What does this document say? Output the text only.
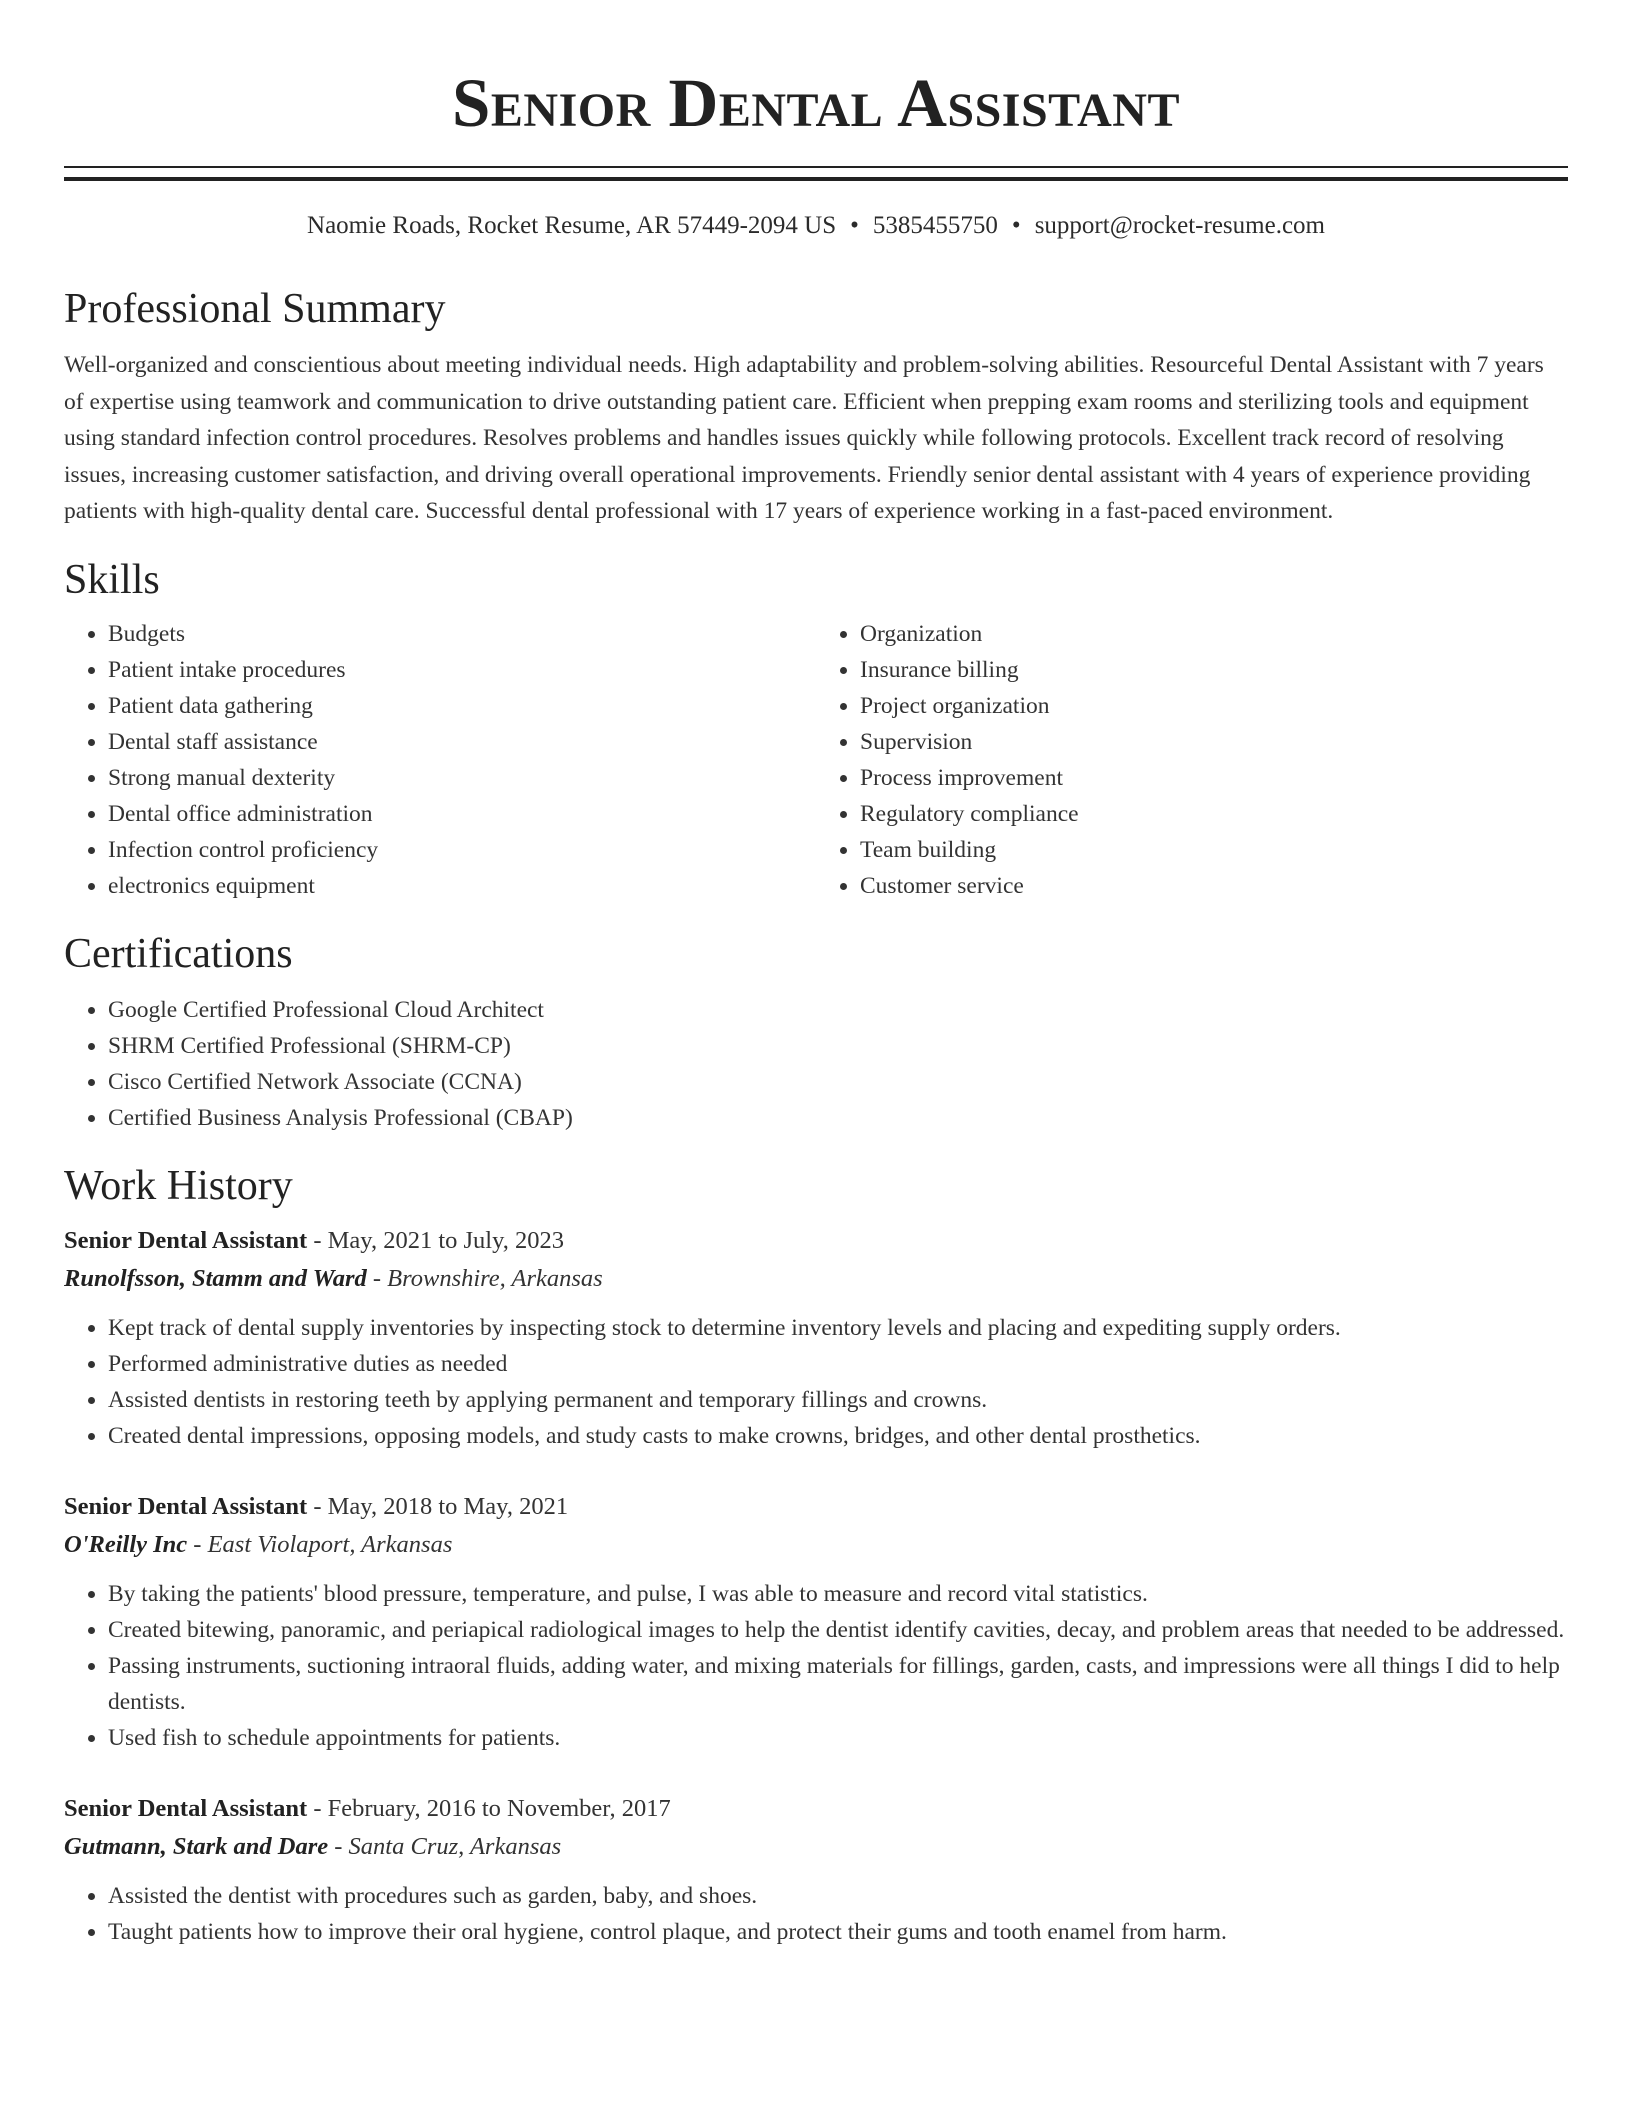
Senior Dental Assistant
Naomie Roads, Rocket Resume, AR 57449-2094 US • 5385455750 • support@rocket-resume.com
Professional Summary
Well-organized and conscientious about meeting individual needs. High adaptability and problem-solving abilities. Resourceful Dental Assistant with 7 years of expertise using teamwork and communication to drive outstanding patient care. Efficient when prepping exam rooms and sterilizing tools and equipment using standard infection control procedures. Resolves problems and handles issues quickly while following protocols. Excellent track record of resolving issues, increasing customer satisfaction, and driving overall operational improvements. Friendly senior dental assistant with 4 years of experience providing patients with high-quality dental care. Successful dental professional with 17 years of experience working in a fast-paced environment.
Skills
• Budgets
• Patient intake procedures
• Patient data gathering
• Dental staff assistance
• Strong manual dexterity
• Dental office administration
• Infection control proficiency
• electronics equipment
• Organization
• Insurance billing
• Project organization
• Supervision
• Process improvement
• Regulatory compliance
• Team building
• Customer service
Certifications
• Google Certified Professional Cloud Architect
• SHRM Certified Professional (SHRM-CP)
• Cisco Certified Network Associate (CCNA)
• Certified Business Analysis Professional (CBAP)
Work History
Senior Dental Assistant - May, 2021 to July, 2023
Runolfsson, Stamm and Ward - Brownshire, Arkansas
• Kept track of dental supply inventories by inspecting stock to determine inventory levels and placing and expediting supply orders.
• Performed administrative duties as needed
• Assisted dentists in restoring teeth by applying permanent and temporary fillings and crowns.
• Created dental impressions, opposing models, and study casts to make crowns, bridges, and other dental prosthetics.
Senior Dental Assistant - May, 2018 to May, 2021
O'Reilly Inc - East Violaport, Arkansas
• By taking the patients' blood pressure, temperature, and pulse, I was able to measure and record vital statistics.
• Created bitewing, panoramic, and periapical radiological images to help the dentist identify cavities, decay, and problem areas that needed to be addressed.
• Passing instruments, suctioning intraoral fluids, adding water, and mixing materials for fillings, garden, casts, and impressions were all things I did to help dentists.
• Used fish to schedule appointments for patients.
Senior Dental Assistant - February, 2016 to November, 2017
Gutmann, Stark and Dare - Santa Cruz, Arkansas
• Assisted the dentist with procedures such as garden, baby, and shoes.
• Taught patients how to improve their oral hygiene, control plaque, and protect their gums and tooth enamel from harm.
